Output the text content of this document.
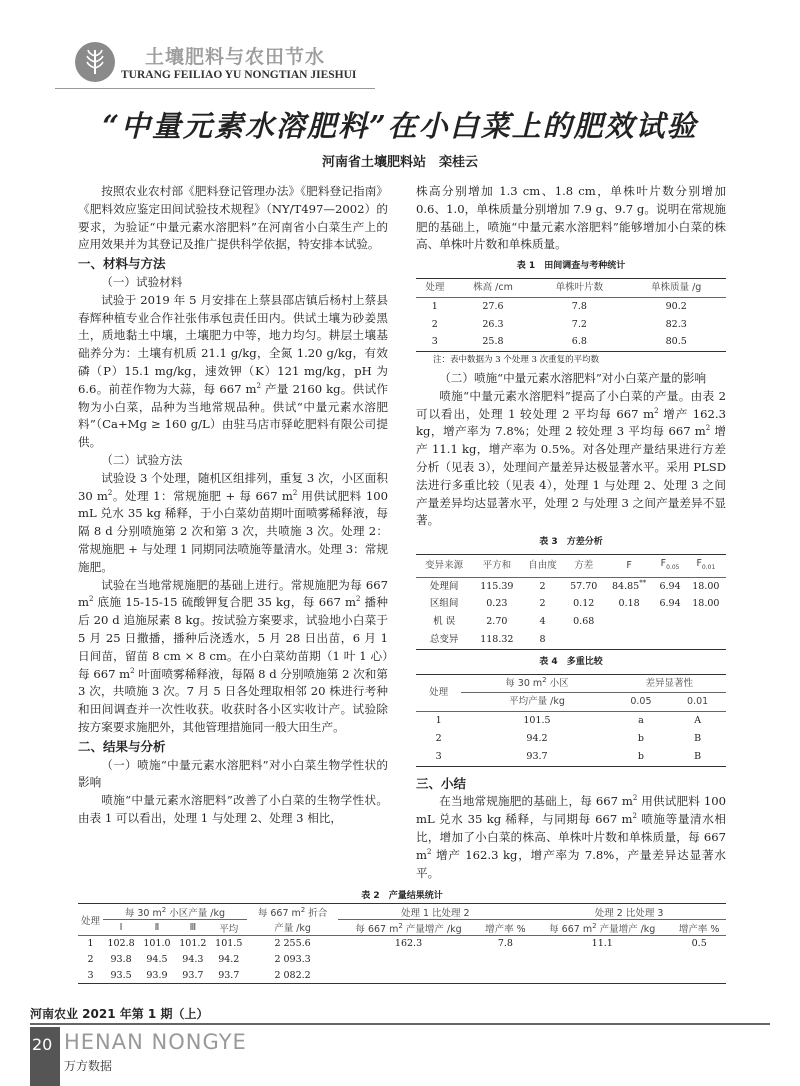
土壤肥料与农田节水
TURANG FEILIAO YU NONGTIAN JIESHUI
“中量元素水溶肥料”在小白菜上的肥效试验
河南省土壤肥料站　栾桂云

按照农业农村部《肥料登记管理办法》《肥料登记指南》《肥料效应鉴定田间试验技术规程》（NY/T497—2002）的要求，为验证“中量元素水溶肥料”在河南省小白菜生产上的应用效果并为其登记及推广提供科学依据，特安排本试验。

一、材料与方法

（一）试验材料

试验于 2019 年 5 月安排在上蔡县邵店镇后杨村上蔡县春辉种植专业合作社张伟承包责任田内。供试土壤为砂姜黑土，质地黏土中壤，土壤肥力中等，地力均匀。耕层土壤基础养分为：土壤有机质 21.1 g/kg，全氮 1.20 g/kg，有效磷（P）15.1 mg/kg，速效钾（K）121 mg/kg，pH 为 6.6。前茬作物为大蒜，每 667 $m^2$ 产量 2160 kg。供试作物为小白菜，品种为当地常规品种。供试“中量元素水溶肥料”（Ca+Mg ≥ 160 g/L）由驻马店市驿屹肥料有限公司提供。

（二）试验方法

试验设 3 个处理，随机区组排列，重复 3 次，小区面积 30 $m^2$。处理 1：常规施肥 + 每 667 $m^2$ 用供试肥料 100 mL 兑水 35 kg 稀释，于小白菜幼苗期叶面喷雾稀释液，每隔 8 d 分别喷施第 2 次和第 3 次，共喷施 3 次。处理 2：常规施肥 + 与处理 1 同期同法喷施等量清水。处理 3：常规施肥。

试验在当地常规施肥的基础上进行。常规施肥为每 667 $m^2$ 底施 15-15-15 硫酸钾复合肥 35 kg，每 667 $m^2$ 播种后 20 d 追施尿素 8 kg。按试验方案要求，试验地小白菜于 5 月 25 日撒播，播种后浇透水，5 月 28 日出苗，6 月 1 日间苗，留苗 8 cm × 8 cm。在小白菜幼苗期（1 叶 1 心）每 667 $m^2$ 叶面喷雾稀释液，每隔 8 d 分别喷施第 2 次和第 3 次，共喷施 3 次。7 月 5 日各处理取相邻 20 株进行考种和田间调查并一次性收获。收获时各小区实收计产。试验除按方案要求施肥外，其他管理措施同一般大田生产。

二、结果与分析

（一）喷施“中量元素水溶肥料”对小白菜生物学性状的影响

喷施“中量元素水溶肥料”改善了小白菜的生物学性状。由表 1 可以看出，处理 1 与处理 2、处理 3 相比，

株高分别增加 1.3 cm、1.8 cm，单株叶片数分别增加 0.6、1.0，单株质量分别增加 7.9 g、9.7 g。说明在常规施肥的基础上，喷施“中量元素水溶肥料”能够增加小白菜的株高、单株叶片数和单株质量。

表 1　田间调查与考种统计
处理	株高 /cm	单株叶片数	单株质量 /g
1	27.6	7.8	90.2
2	26.3	7.2	82.3
3	25.8	6.8	80.5

注：表中数据为 3 个处理 3 次重复的平均数

（二）喷施“中量元素水溶肥料”对小白菜产量的影响

喷施“中量元素水溶肥料”提高了小白菜的产量。由表 2 可以看出，处理 1 较处理 2 平均每 667 $m^2$ 增产 162.3 kg，增产率为 7.8%；处理 2 较处理 3 平均每 667 $m^2$ 增产 11.1 kg，增产率为 0.5%。对各处理产量结果进行方差分析（见表 3），处理间产量差异达极显著水平。采用 PLSD 法进行多重比较（见表 4），处理 1 与处理 2、处理 3 之间产量差异均达显著水平，处理 2 与处理 3 之间产量差异不显著。

表 3　方差分析
变异来源	平方和	自由度	方差	F	$F_{0.05}$	$F_{0.01}$
处理间	115.39	2	57.70	84.85**	6.94	18.00
区组间	0.23	2	0.12	0.18	6.94	18.00
机 误	2.70	4	0.68			
总变异	118.32	8				
表 4　多重比较
处理	每 30 $m^2$ 小区	差异显著性	
	平均产量 /kg	0.05	0.01
1	101.5	a	A
2	94.2	b	B
3	93.7	b	B
三、小结

在当地常规施肥的基础上，每 667 $m^2$ 用供试肥料 100 mL 兑水 35 kg 稀释，与同期每 667 $m^2$ 喷施等量清水相比，增加了小白菜的株高、单株叶片数和单株质量，每 667 $m^2$ 增产 162.3 kg，增产率为 7.8%，产量差异达显著水平。

表 2　产量结果统计
处理	每 30 $m^2$ 小区产量 /kg				每 667 $m^2$ 折合	处理 1 比处理 2		处理 2 比处理 3	
	Ⅰ	Ⅱ	Ⅲ	平均	产量 /kg	每 667 $m^2$ 产量增产 /kg	增产率 %	每 667 $m^2$ 产量增产 /kg	增产率 %
1	102.8	101.0	101.2	101.5	2 255.6	162.3	7.8	11.1	0.5
2	93.8	94.5	94.3	94.2	2 093.3				
3	93.5	93.9	93.7	93.7	2 082.2				
河南农业 2021 年第 1 期（上）
20 HENAN NONGYE
万方数据
